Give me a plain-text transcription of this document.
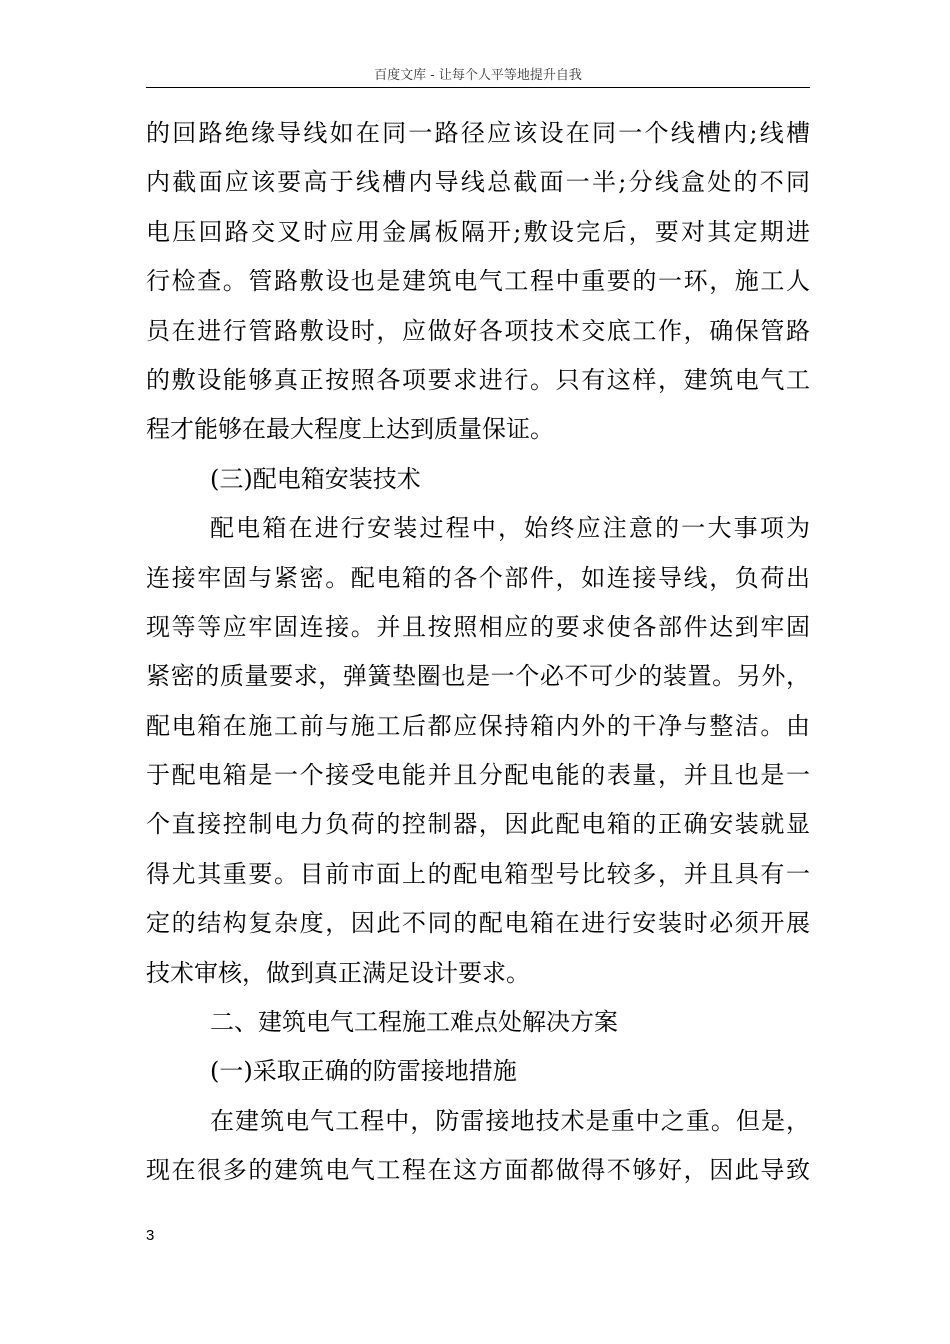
百度文库 - 让每个人平等地提升自我
的回路绝缘导线如在同一路径应该设在同一个线槽内;线槽
内截面应该要高于线槽内导线总截面一半;分线盒处的不同
电压回路交叉时应用金属板隔开;敷设完后，要对其定期进
行检查。管路敷设也是建筑电气工程中重要的一环，施工人
员在进行管路敷设时，应做好各项技术交底工作，确保管路
的敷设能够真正按照各项要求进行。只有这样，建筑电气工
程才能够在最大程度上达到质量保证。
(三)配电箱安装技术
配电箱在进行安装过程中，始终应注意的一大事项为
连接牢固与紧密。配电箱的各个部件，如连接导线，负荷出
现等等应牢固连接。并且按照相应的要求使各部件达到牢固
紧密的质量要求，弹簧垫圈也是一个必不可少的装置。另外，
配电箱在施工前与施工后都应保持箱内外的干净与整洁。由
于配电箱是一个接受电能并且分配电能的表量，并且也是一
个直接控制电力负荷的控制器，因此配电箱的正确安装就显
得尤其重要。目前市面上的配电箱型号比较多，并且具有一
定的结构复杂度，因此不同的配电箱在进行安装时必须开展
技术审核，做到真正满足设计要求。
二、建筑电气工程施工难点处解决方案
(一)采取正确的防雷接地措施
在建筑电气工程中，防雷接地技术是重中之重。但是，
现在很多的建筑电气工程在这方面都做得不够好，因此导致
3
